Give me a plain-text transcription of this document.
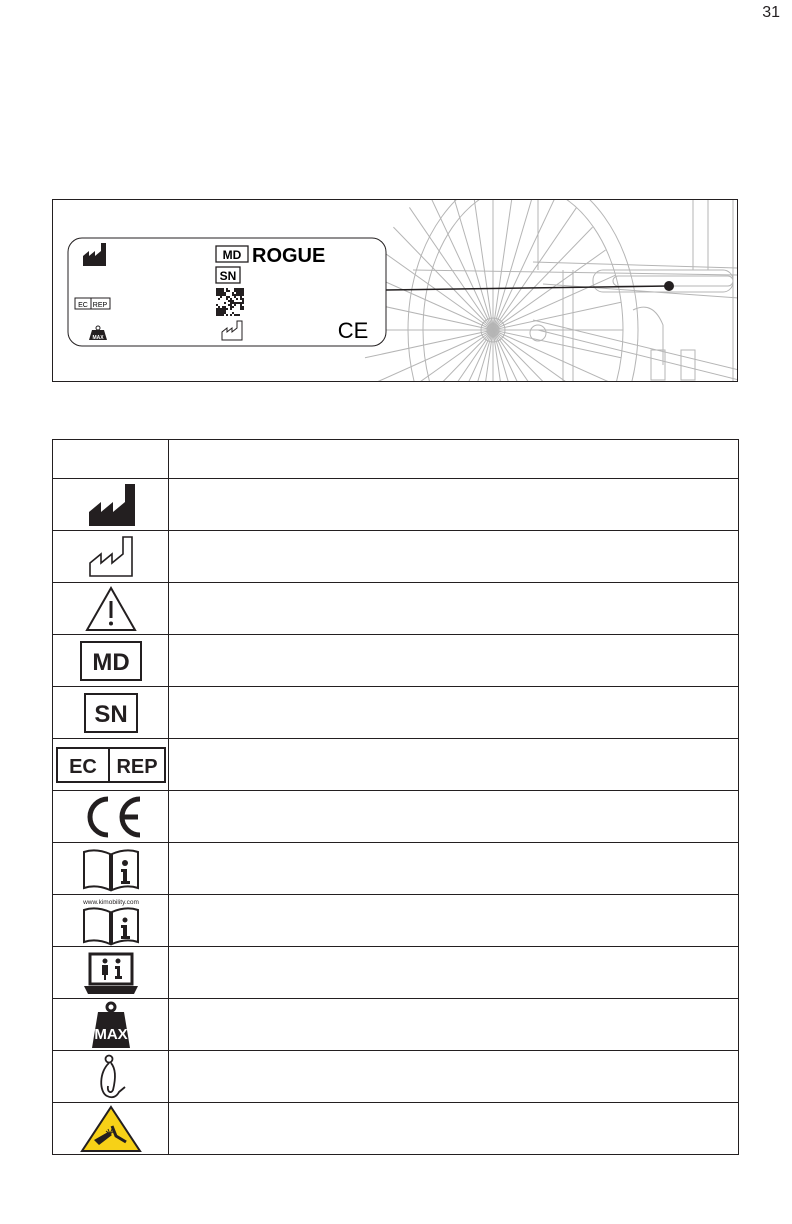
31
MD ROGUE
SN
EC REP
MAX	CE

MD	

SN	

EC REP	

www.kimobility.com	

MAX	
